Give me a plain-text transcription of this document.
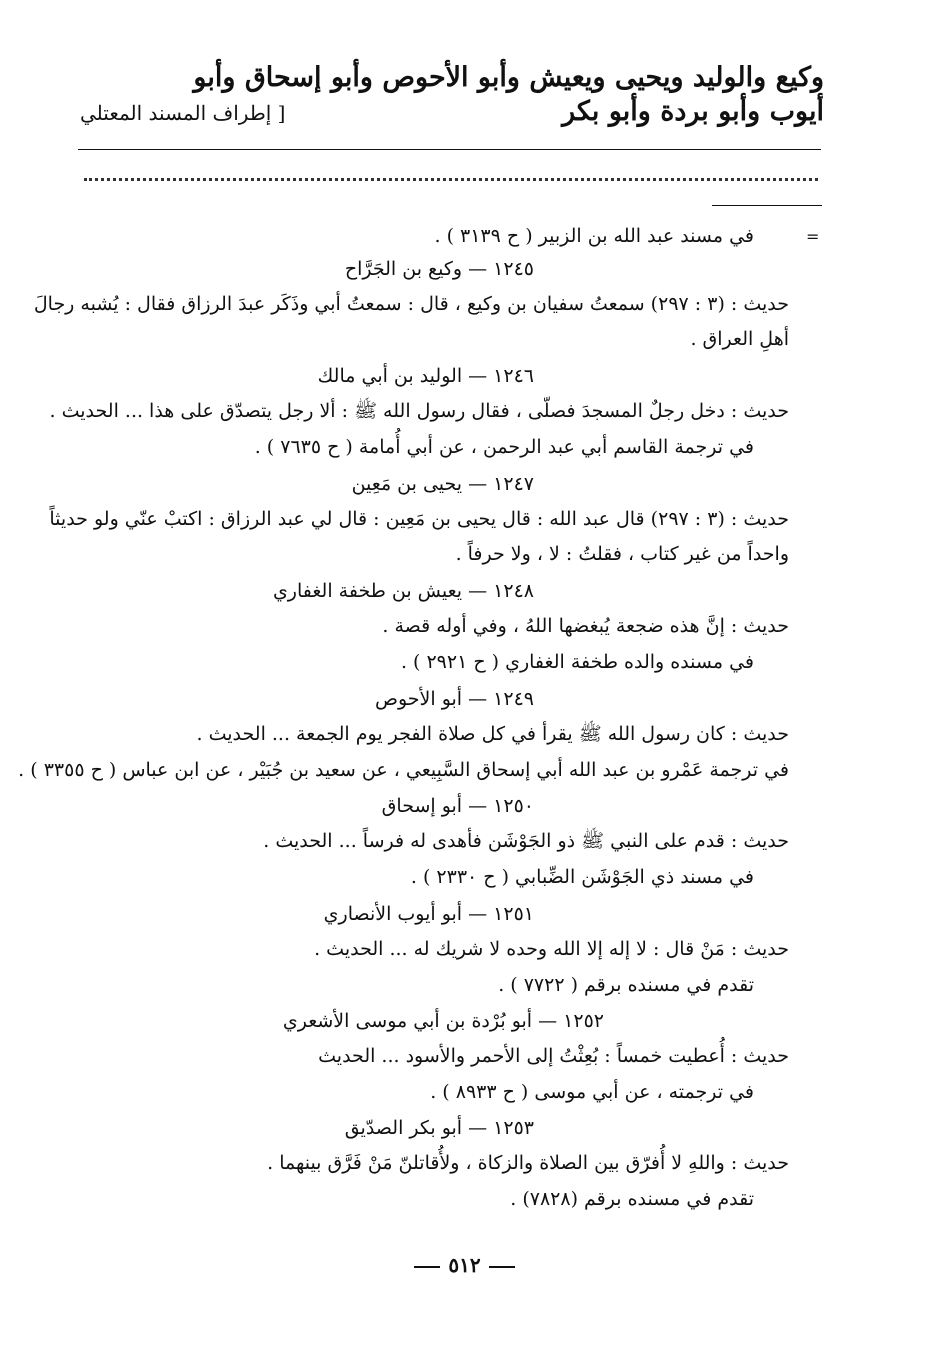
وكيع والوليد ويحيى ويعيش وأبو الأحوص وأبو إسحاق وأبو
أيوب وأبو بردة وأبو بكر
[ إطراف المسند المعتلي
=
في مسند عبد الله بن الزبير ( ح ٣١٣٩ ) .
١٢٤٥ — وكيع بن الجَرَّاح
حديث : (٣ : ٢٩٧) سمعتُ سفيان بن وكيع ، قال : سمعتُ أبي وذَكَر عبدَ الرزاق فقال : يُشبه رجالَ
أهلِ العراق .
١٢٤٦ — الوليد بن أبي مالك
حديث : دخل رجلٌ المسجدَ فصلّى ، فقال رسول الله ﷺ : ألا رجل يتصدّق على هذا ... الحديث .
في ترجمة القاسم أبي عبد الرحمن ، عن أبي أُمامة ( ح ٧٦٣٥ ) .
١٢٤٧ — يحيى بن مَعِين
حديث : (٣ : ٢٩٧) قال عبد الله : قال يحيى بن مَعِين : قال لي عبد الرزاق : اكتبْ عنّي ولو حديثاً
واحداً من غير كتاب ، فقلتُ : لا ، ولا حرفاً .
١٢٤٨ — يعيش بن طخفة الغفاري
حديث : إنَّ هذه ضجعة يُبغضها اللهُ ، وفي أوله قصة .
في مسنده والده طخفة الغفاري ( ح ٢٩٢١ ) .
١٢٤٩ — أبو الأحوص
حديث : كان رسول الله ﷺ يقرأ في كل صلاة الفجر يوم الجمعة ... الحديث .
في ترجمة عَمْرو بن عبد الله أبي إسحاق السَّبِيعي ، عن سعيد بن جُبَيْر ، عن ابن عباس ( ح ٣٣٥٥ ) .
١٢٥٠ — أبو إسحاق
حديث : قدم على النبي ﷺ ذو الجَوْشَن فأهدى له فرساً ... الحديث .
في مسند ذي الجَوْشَن الضِّبابي ( ح ٢٣٣٠ ) .
١٢٥١ — أبو أيوب الأنصاري
حديث : مَنْ قال : لا إله إلا الله وحده لا شريك له ... الحديث .
تقدم في مسنده برقم ( ٧٧٢٢ ) .
١٢٥٢ — أبو بُرْدة بن أبي موسى الأشعري
حديث : أُعطيت خمساً : بُعِثْتُ إلى الأحمر والأسود ... الحديث
في ترجمته ، عن أبي موسى ( ح ٨٩٣٣ ) .
١٢٥٣ — أبو بكر الصدّيق
حديث : واللهِ لا أُفرّق بين الصلاة والزكاة ، ولأُقاتلنّ مَنْ فَرَّق بينهما .
تقدم في مسنده برقم (٧٨٢٨) .
٥١٢
